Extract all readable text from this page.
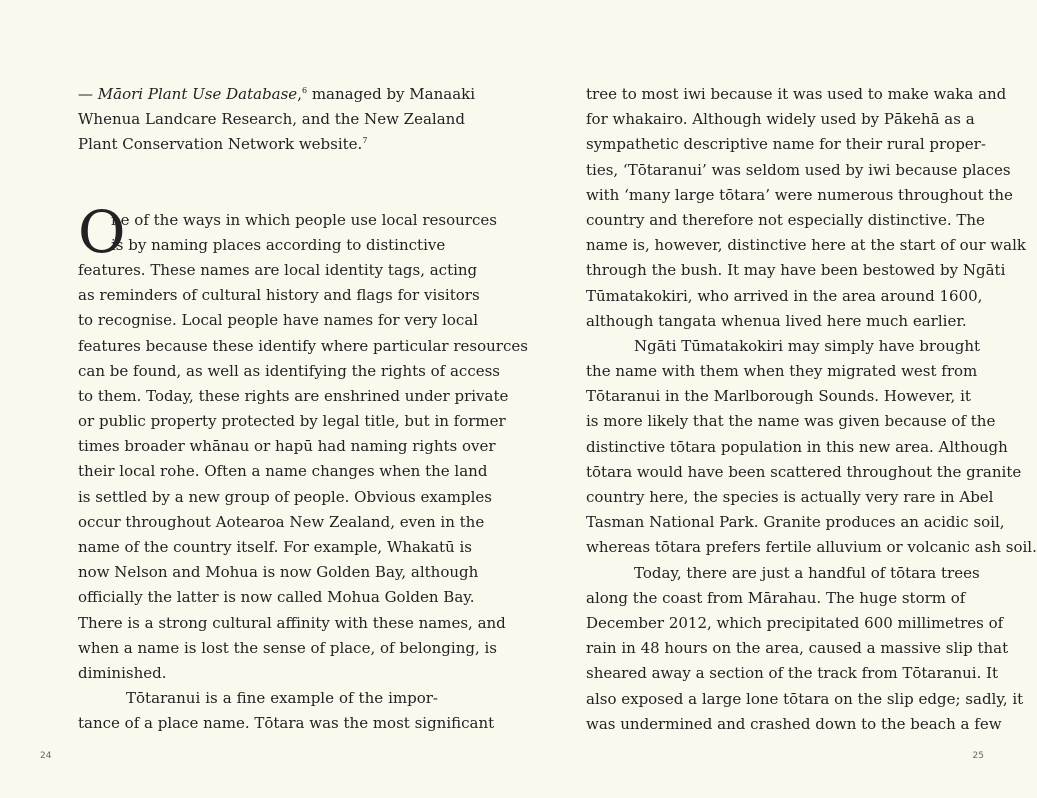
— Māori Plant Use Database,$^6$ managed by Manaaki
Whenua Landcare Research, and the New Zealand
Plant Conservation Network website.$^7$
O
ne of the ways in which people use local resources
is by naming places according to distinctive
features. These names are local identity tags, acting
as reminders of cultural history and flags for visitors
to recognise. Local people have names for very local
features because these identify where particular resources
can be found, as well as identifying the rights of access
to them. Today, these rights are enshrined under private
or public property protected by legal title, but in former
times broader whānau or hapū had naming rights over
their local rohe. Often a name changes when the land
is settled by a new group of people. Obvious examples
occur throughout Aotearoa New Zealand, even in the
name of the country itself. For example, Whakatū is
now Nelson and Mohua is now Golden Bay, although
officially the latter is now called Mohua Golden Bay.
There is a strong cultural affinity with these names, and
when a name is lost the sense of place, of belonging, is
diminished.
Tōtaranui is a fine example of the impor-
tance of a place name. Tōtara was the most significant
24
tree to most iwi because it was used to make waka and
for whakairo. Although widely used by Pākehā as a
sympathetic descriptive name for their rural proper-
ties, ‘Tōtaranui’ was seldom used by iwi because places
with ‘many large tōtara’ were numerous throughout the
country and therefore not especially distinctive. The
name is, however, distinctive here at the start of our walk
through the bush. It may have been bestowed by Ngāti
Tūmatakokiri, who arrived in the area around 1600,
although tangata whenua lived here much earlier.
Ngāti Tūmatakokiri may simply have brought
the name with them when they migrated west from
Tōtaranui in the Marlborough Sounds. However, it
is more likely that the name was given because of the
distinctive tōtara population in this new area. Although
tōtara would have been scattered throughout the granite
country here, the species is actually very rare in Abel
Tasman National Park. Granite produces an acidic soil,
whereas tōtara prefers fertile alluvium or volcanic ash soil.
Today, there are just a handful of tōtara trees
along the coast from Mārahau. The huge storm of
December 2012, which precipitated 600 millimetres of
rain in 48 hours on the area, caused a massive slip that
sheared away a section of the track from Tōtaranui. It
also exposed a large lone tōtara on the slip edge; sadly, it
was undermined and crashed down to the beach a few
25
